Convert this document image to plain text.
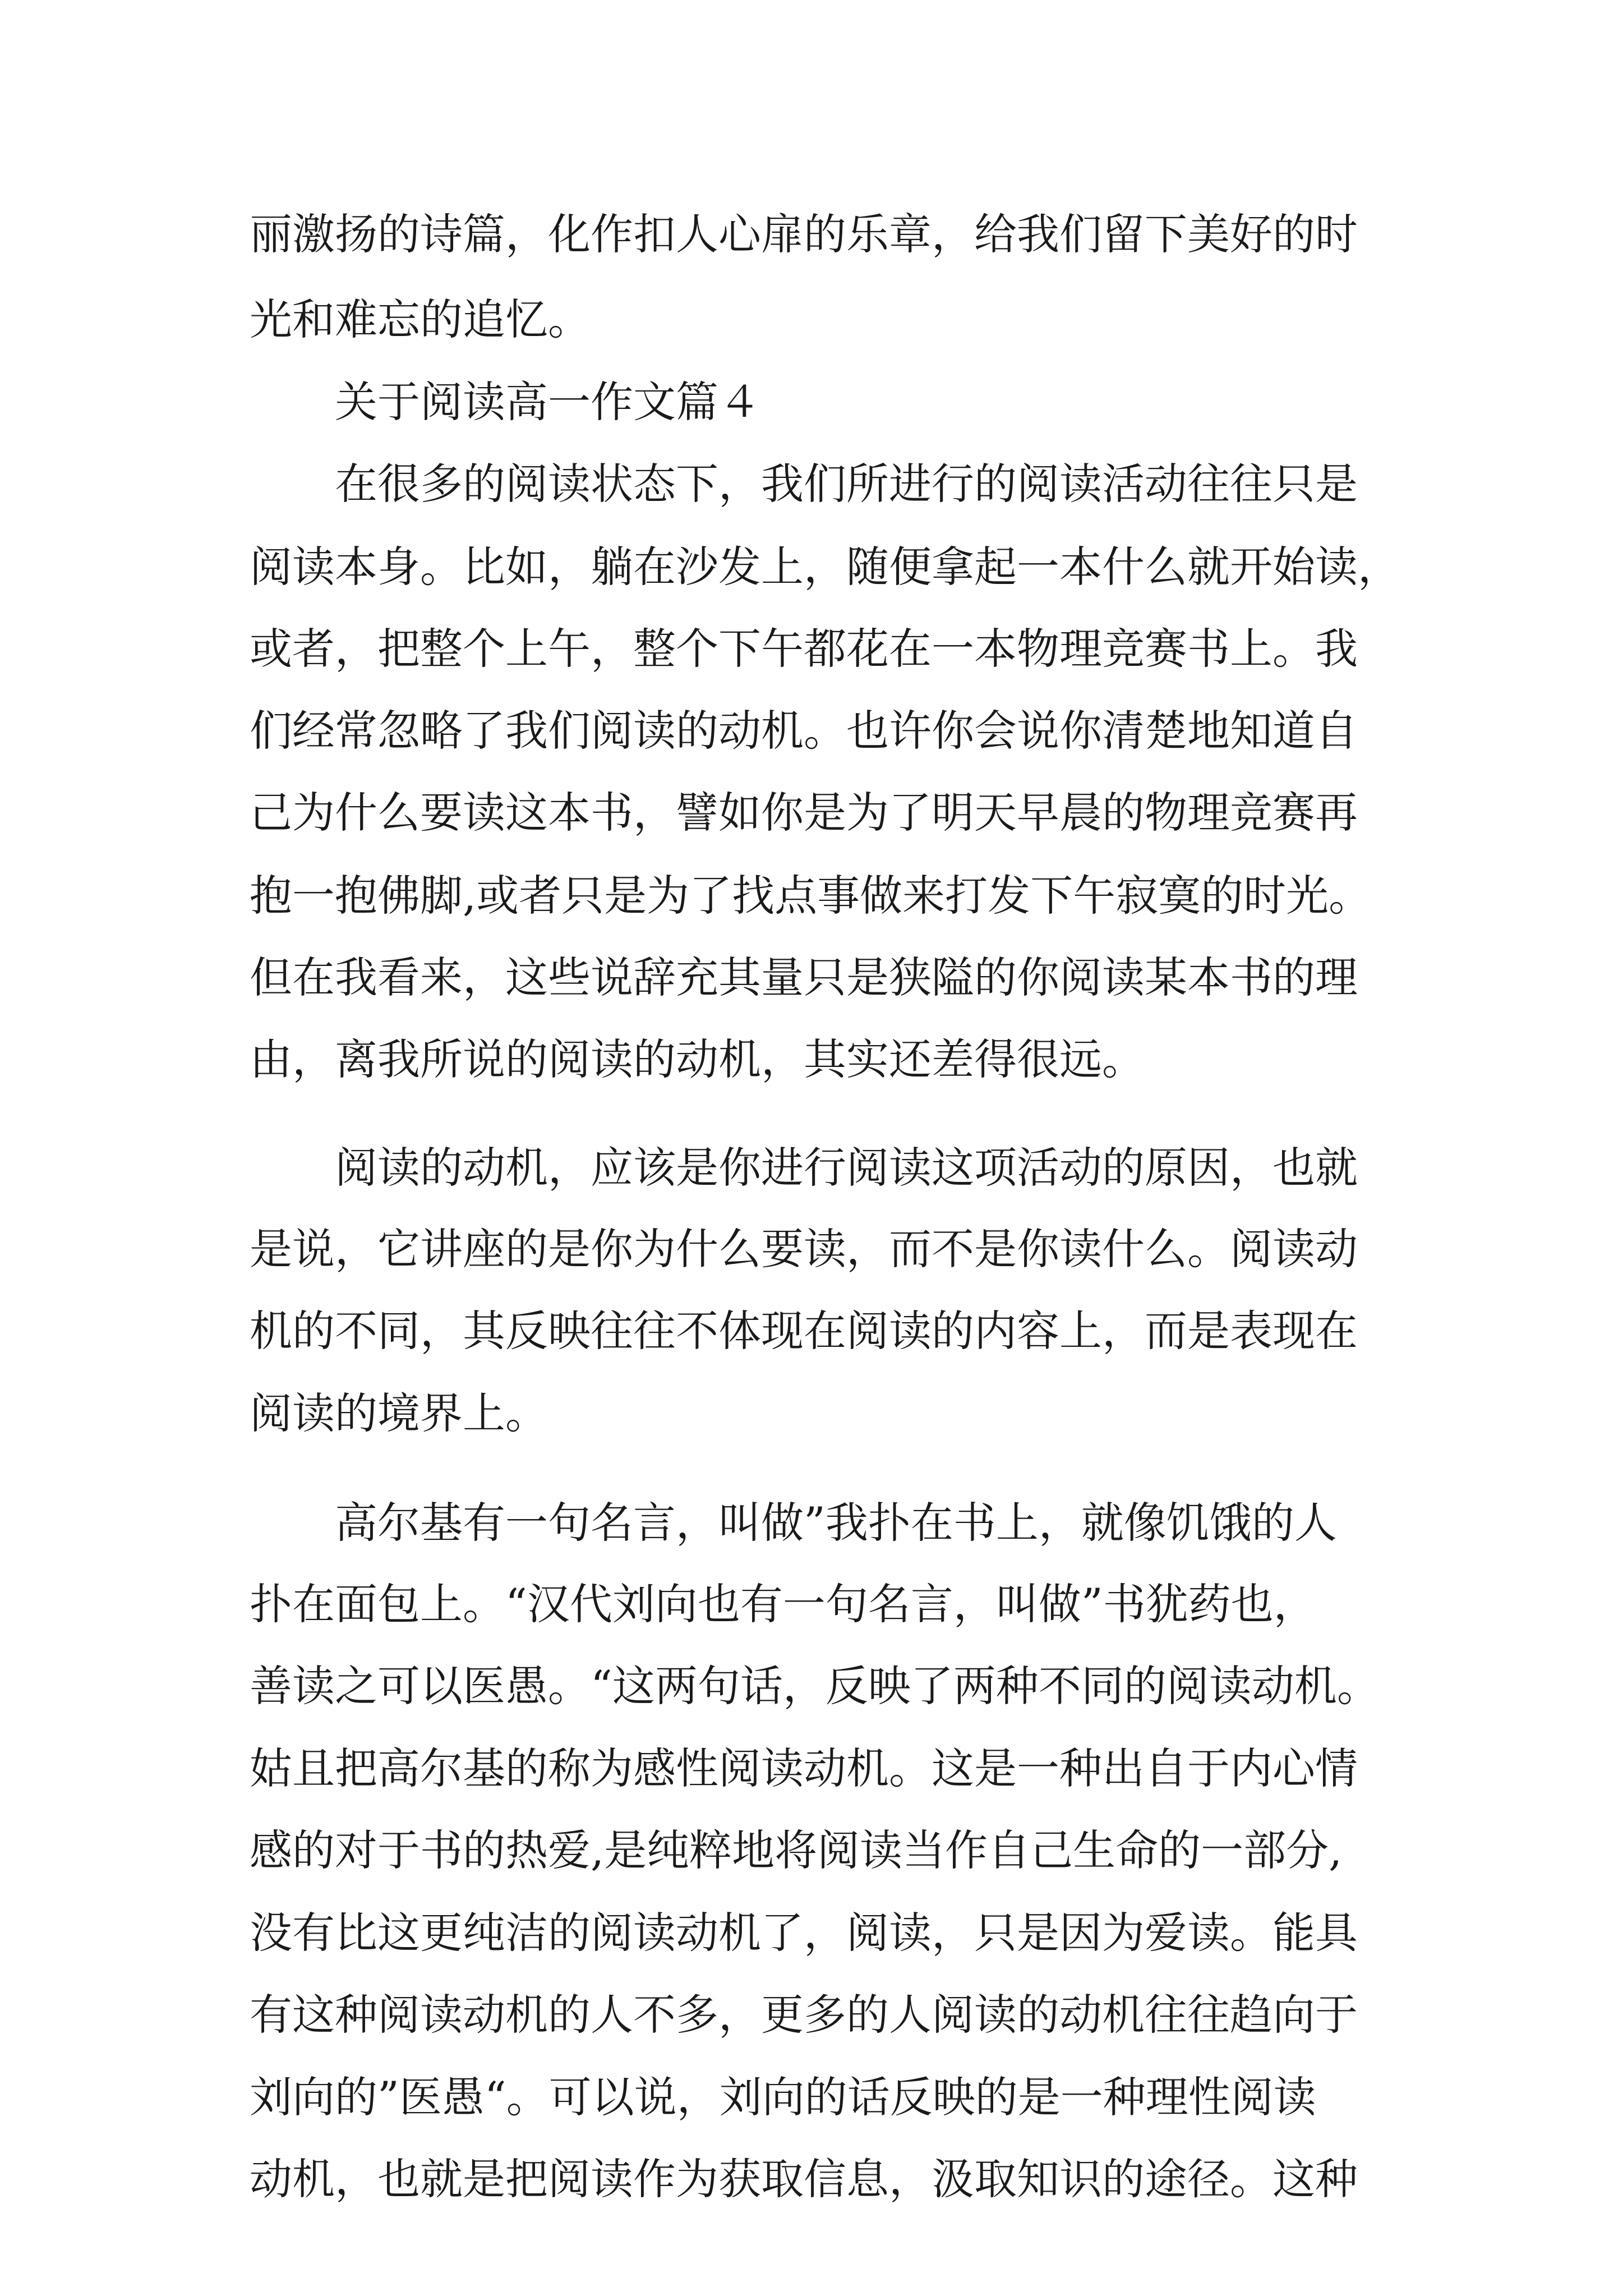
丽激扬的诗篇，化作扣人心扉的乐章，给我们留下美好的时
光和难忘的追忆。
关于阅读高一作文篇４
在很多的阅读状态下，我们所进行的阅读活动往往只是
阅读本身。比如，躺在沙发上，随便拿起一本什么就开始读，
或者，把整个上午，整个下午都花在一本物理竞赛书上。我
们经常忽略了我们阅读的动机。也许你会说你清楚地知道自
己为什么要读这本书，譬如你是为了明天早晨的物理竞赛再
抱一抱佛脚,或者只是为了找点事做来打发下午寂寞的时光。
但在我看来，这些说辞充其量只是狭隘的你阅读某本书的理
由，离我所说的阅读的动机，其实还差得很远。
阅读的动机，应该是你进行阅读这项活动的原因，也就
是说，它讲座的是你为什么要读，而不是你读什么。阅读动
机的不同，其反映往往不体现在阅读的内容上，而是表现在
阅读的境界上。
高尔基有一句名言，叫做”我扑在书上，就像饥饿的人
扑在面包上。“汉代刘向也有一句名言，叫做”书犹药也，
善读之可以医愚。“这两句话，反映了两种不同的阅读动机。
姑且把高尔基的称为感性阅读动机。这是一种出自于内心情
感的对于书的热爱,是纯粹地将阅读当作自己生命的一部分,
没有比这更纯洁的阅读动机了，阅读，只是因为爱读。能具
有这种阅读动机的人不多，更多的人阅读的动机往往趋向于
刘向的”医愚“。可以说，刘向的话反映的是一种理性阅读
动机，也就是把阅读作为获取信息，汲取知识的途径。这种
